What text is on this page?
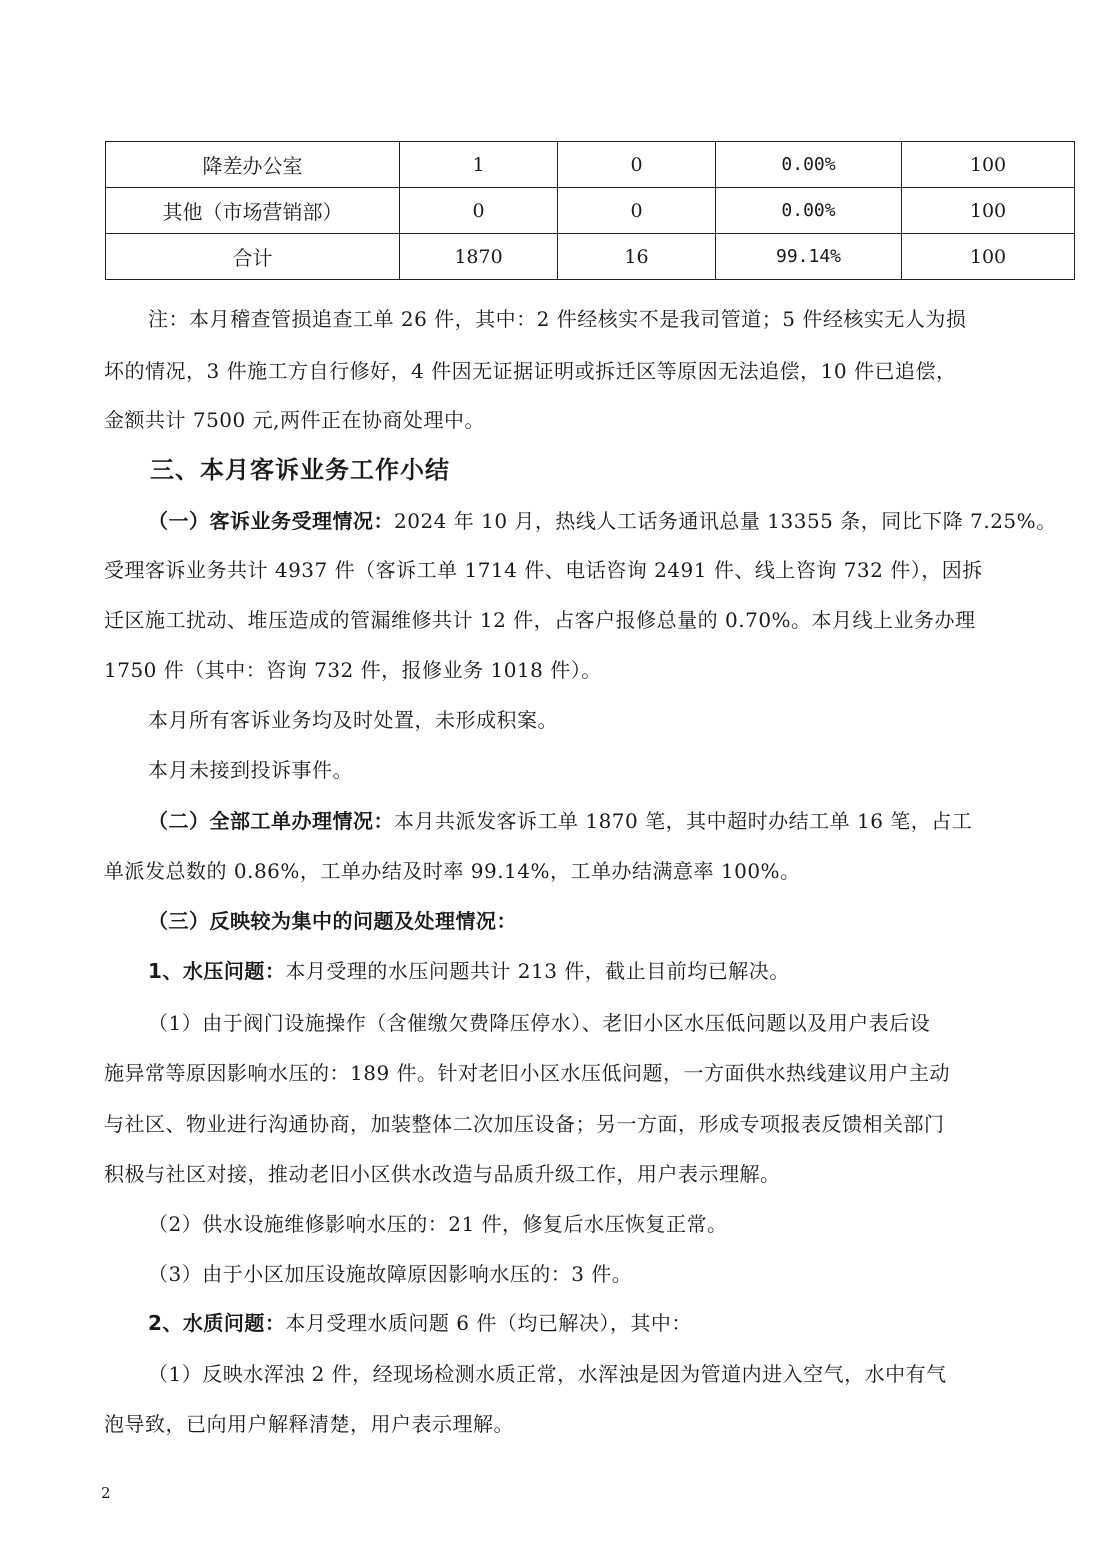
降差办公室	1	0	0.00%	100
其他（市场营销部）	0	0	0.00%	100
合计	1870	16	99.14%	100
注：本月稽查管损追查工单 26 件，其中：2 件经核实不是我司管道；5 件经核实无人为损
坏的情况，3 件施工方自行修好，4 件因无证据证明或拆迁区等原因无法追偿，10 件已追偿，
金额共计 7500 元,两件正在协商处理中。
三、本月客诉业务工作小结
（一）客诉业务受理情况：2024 年 10 月，热线人工话务通讯总量 13355 条，同比下降 7.25%。
受理客诉业务共计 4937 件（客诉工单 1714 件、电话咨询 2491 件、线上咨询 732 件），因拆
迁区施工扰动、堆压造成的管漏维修共计 12 件，占客户报修总量的 0.70%。本月线上业务办理
1750 件（其中：咨询 732 件，报修业务 1018 件）。
本月所有客诉业务均及时处置，未形成积案。
本月未接到投诉事件。
（二）全部工单办理情况：本月共派发客诉工单 1870 笔，其中超时办结工单 16 笔，占工
单派发总数的 0.86%，工单办结及时率 99.14%，工单办结满意率 100%。
（三）反映较为集中的问题及处理情况：
1、水压问题：本月受理的水压问题共计 213 件，截止目前均已解决。
（1）由于阀门设施操作（含催缴欠费降压停水）、老旧小区水压低问题以及用户表后设
施异常等原因影响水压的：189 件。针对老旧小区水压低问题，一方面供水热线建议用户主动
与社区、物业进行沟通协商，加装整体二次加压设备；另一方面，形成专项报表反馈相关部门
积极与社区对接，推动老旧小区供水改造与品质升级工作，用户表示理解。
（2）供水设施维修影响水压的：21 件，修复后水压恢复正常。
（3）由于小区加压设施故障原因影响水压的：3 件。
2、水质问题：本月受理水质问题 6 件（均已解决），其中：
（1）反映水浑浊 2 件，经现场检测水质正常，水浑浊是因为管道内进入空气，水中有气
泡导致，已向用户解释清楚，用户表示理解。
2
